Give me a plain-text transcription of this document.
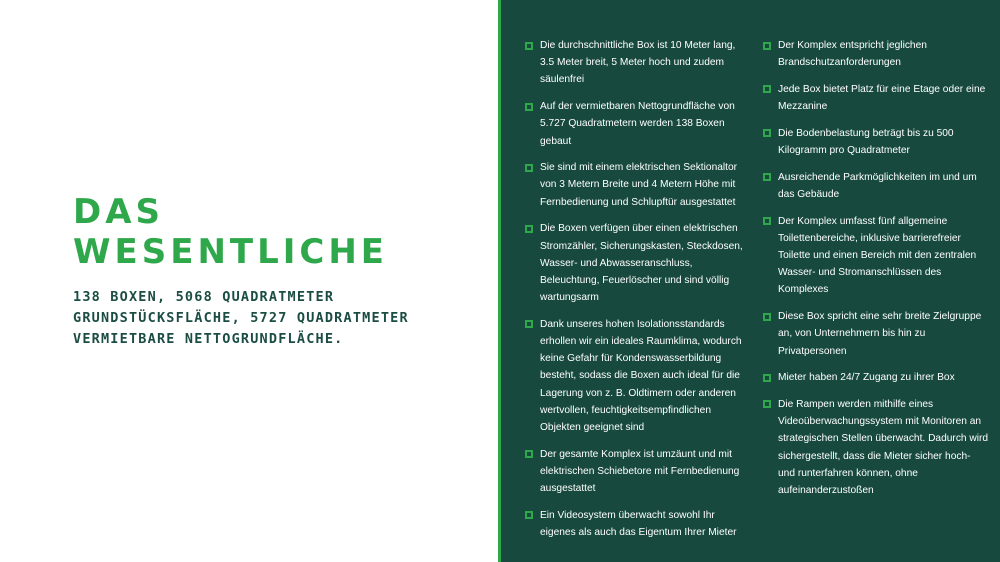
DAS
WESENTLICHE

138 BOXEN, 5068 QUADRATMETER GRUNDSTÜCKSFLÄCHE, 5727 QUADRATMETER VERMIETBARE NETTOGRUNDFLÄCHE.

Die durchschnittliche Box ist 10 Meter lang, 3.5 Meter breit, 5 Meter hoch und zudem säulenfrei
Auf der vermietbaren Nettogrundfläche von 5.727 Quadratmetern werden 138 Boxen gebaut
Sie sind mit einem elektrischen Sektionaltor von 3 Metern Breite und 4 Metern Höhe mit Fernbedienung und Schlupftür ausgestattet
Die Boxen verfügen über einen elektrischen Stromzähler, Sicherungskasten, Steckdosen, Wasser- und Abwasseranschluss, Beleuchtung, Feuerlöscher und sind völlig wartungsarm
Dank unseres hohen Isolationsstandards erhollen wir ein ideales Raumklima, wodurch keine Gefahr für Kondenswasserbildung besteht, sodass die Boxen auch ideal für die Lagerung von z. B. Oldtimern oder anderen wertvollen, feuchtigkeitsempfindlichen Objekten geeignet sind
Der gesamte Komplex ist umzäunt und mit elektrischen Schiebetore mit Fernbedienung ausgestattet
Ein Videosystem überwacht sowohl Ihr eigenes als auch das Eigentum Ihrer Mieter
Der Komplex entspricht jeglichen Brandschutzanforderungen
Jede Box bietet Platz für eine Etage oder eine Mezzanine
Die Bodenbelastung beträgt bis zu 500 Kilogramm pro Quadratmeter
Ausreichende Parkmöglichkeiten im und um das Gebäude
Der Komplex umfasst fünf allgemeine Toilettenbereiche, inklusive barrierefreier Toilette und einen Bereich mit den zentralen Wasser- und Stromanschlüssen des Komplexes
Diese Box spricht eine sehr breite Zielgruppe an, von Unternehmern bis hin zu Privatpersonen
Mieter haben 24/7 Zugang zu ihrer Box
Die Rampen werden mithilfe eines Videoüberwachungssystem mit Monitoren an strategischen Stellen überwacht. Dadurch wird sichergestellt, dass die Mieter sicher hoch- und runterfahren können, ohne aufeinanderzustoßen
